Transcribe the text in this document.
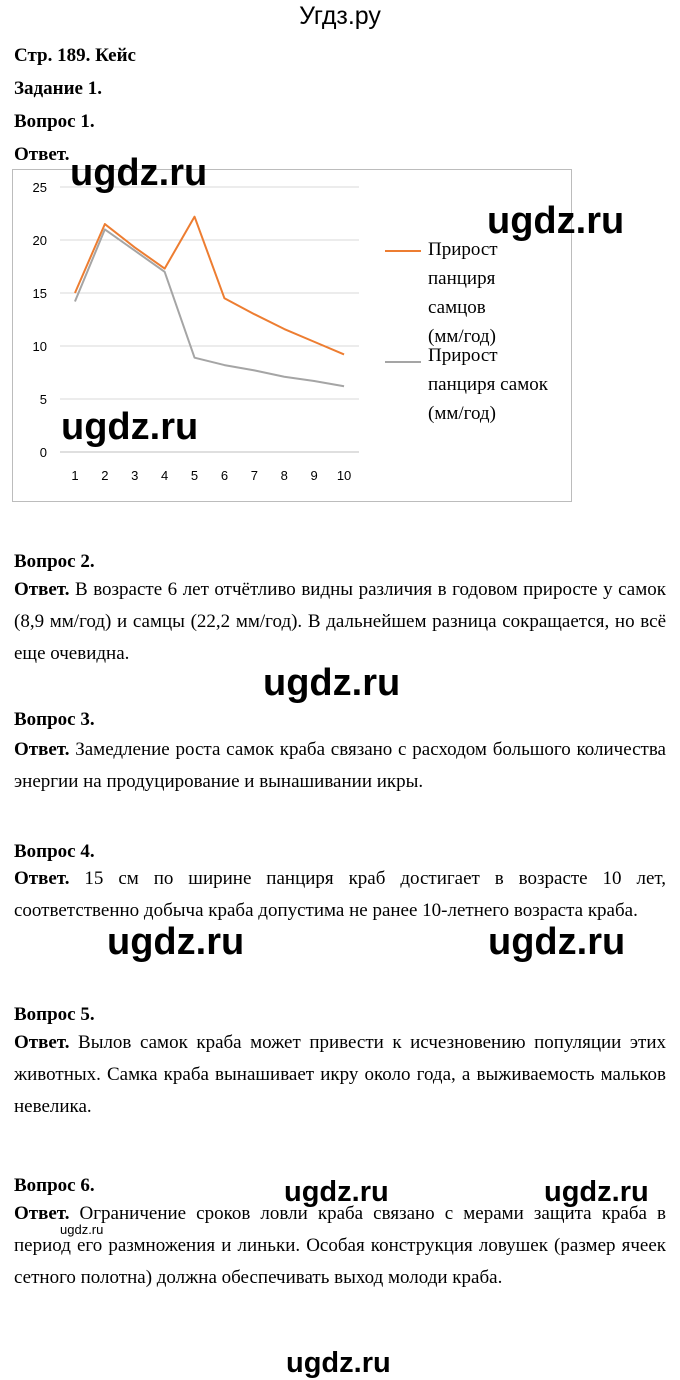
Угдз.ру
Стр. 189. Кейс
Задание 1.
Вопрос 1.
Ответ.
0
5
10
15
20
25
1 2 3 4 5 6 7 8 9 10
Прирост
панциря
самцов
(мм/год)
Прирост
панциря самок
(мм/год)
Вопрос 2.
Ответ. В возрасте 6 лет отчётливо видны различия в годовом приросте у самок (8,9 мм/год) и самцы (22,2 мм/год). В дальнейшем разница сокращается, но всё еще очевидна.
Вопрос 3.
Ответ. Замедление роста самок краба связано с расходом большого количества энергии на продуцирование и вынашивании икры.
Вопрос 4.
Ответ. 15 см по ширине панциря краб достигает в возрасте 10 лет, соответственно добыча краба допустима не ранее 10-летнего возраста краба.
Вопрос 5.
Ответ. Вылов самок краба может привести к исчезновению популяции этих животных. Самка краба вынашивает икру около года, а выживаемость мальков невелика.
Вопрос 6.
Ответ. Ограничение сроков ловли краба связано с мерами защита краба в период его размножения и линьки. Особая конструкция ловушек (размер ячеек сетного полотна) должна обеспечивать выход молоди краба.
ugdz.ru
ugdz.ru
ugdz.ru
ugdz.ru
ugdz.ru	ugdz.ru
ugdz.ru	ugdz.ru
ugdz.ru
ugdz.ru
